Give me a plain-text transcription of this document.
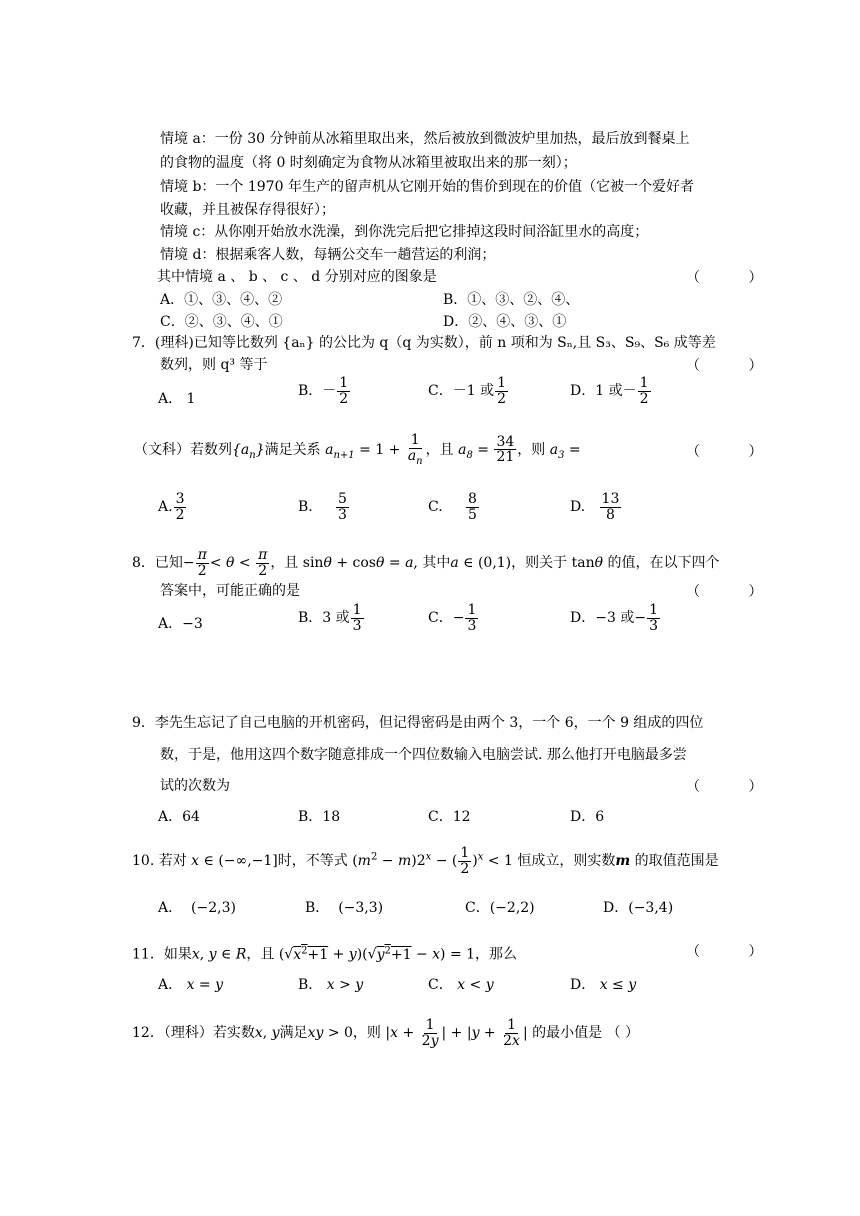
情境 a：一份 30 分钟前从冰箱里取出来，然后被放到微波炉里加热，最后放到餐桌上
的食物的温度（将 0 时刻确定为食物从冰箱里被取出来的那一刻）；
情境 b：一个 1970 年生产的留声机从它刚开始的售价到现在的价值（它被一个爱好者
收藏，并且被保存得很好）；
情境 c：从你刚开始放水洗澡，到你洗完后把它排掉这段时间浴缸里水的高度；
情境 d：根据乘客人数，每辆公交车一趟营运的利润；
其中情境 a 、 b 、 c 、 d 分别对应的图象是	（ ）
A．①、③、④、②	B．①、③、②、④、
C．②、③、④、①	D．②、④、③、①
7．(理科)已知等比数列 {aₙ} 的公比为 q（q 为实数），前 n 项和为 Sₙ,且 S₃、S₉、S₆ 成等差
数列，则 q³ 等于	（ ）
A． 1	B．－ $\frac{1}{2}$	C．－1 或 $\frac{1}{2}$	D．1 或－ $\frac{1}{2}$
（文科）若数列$\{a_n\}$满足关系 $a_{n+1} = 1 + \frac{1}{a_n}$ ，且 $a_8 = \frac{34}{21}$ ，则 $a_3$ =	（ ）
A. $\frac{3}{2}$	B. $\frac{5}{3}$	C. $\frac{8}{5}$	D. $\frac{13}{8}$
8．已知− $\frac{\pi}{2} < \theta < \frac{\pi}{2}$ ，且 sinθ + cosθ = a, 其中a ∈ (0,1)，则关于 tanθ 的值，在以下四个
答案中，可能正确的是	（ ）
A．−3	B．3 或 $\frac{1}{3}$	C．− $\frac{1}{3}$	D．−3 或− $\frac{1}{3}$
9．李先生忘记了自己电脑的开机密码，但记得密码是由两个 3，一个 6，一个 9 组成的四位
数，于是，他用这四个数字随意排成一个四位数输入电脑尝试. 那么他打开电脑最多尝
试的次数为	（ ）
A．64	B．18	C．12	D．6
10. 若对 x ∈ (−∞,−1]时，不等式 $(m^2 - m)2^x$ − ( $\frac{1}{2} )^x < 1$ 恒成立，则实数m 的取值范围是
A． (−2,3)	B． (−3,3)	C．(−2,2)	D．(−3,4)
11．如果x, y ∈ R，且 $(√x^2+1 + y)(√y^2+1 - x) = 1$，那么	（ ）
A． x = y	B． x > y	C． x < y	D． x ≤ y
12．（理科）若实数x, y满足xy > 0，则 $|x + \frac{1}{2y}$ | + $|y + \frac{1}{2x}$ | 的最小值是 （ ）
